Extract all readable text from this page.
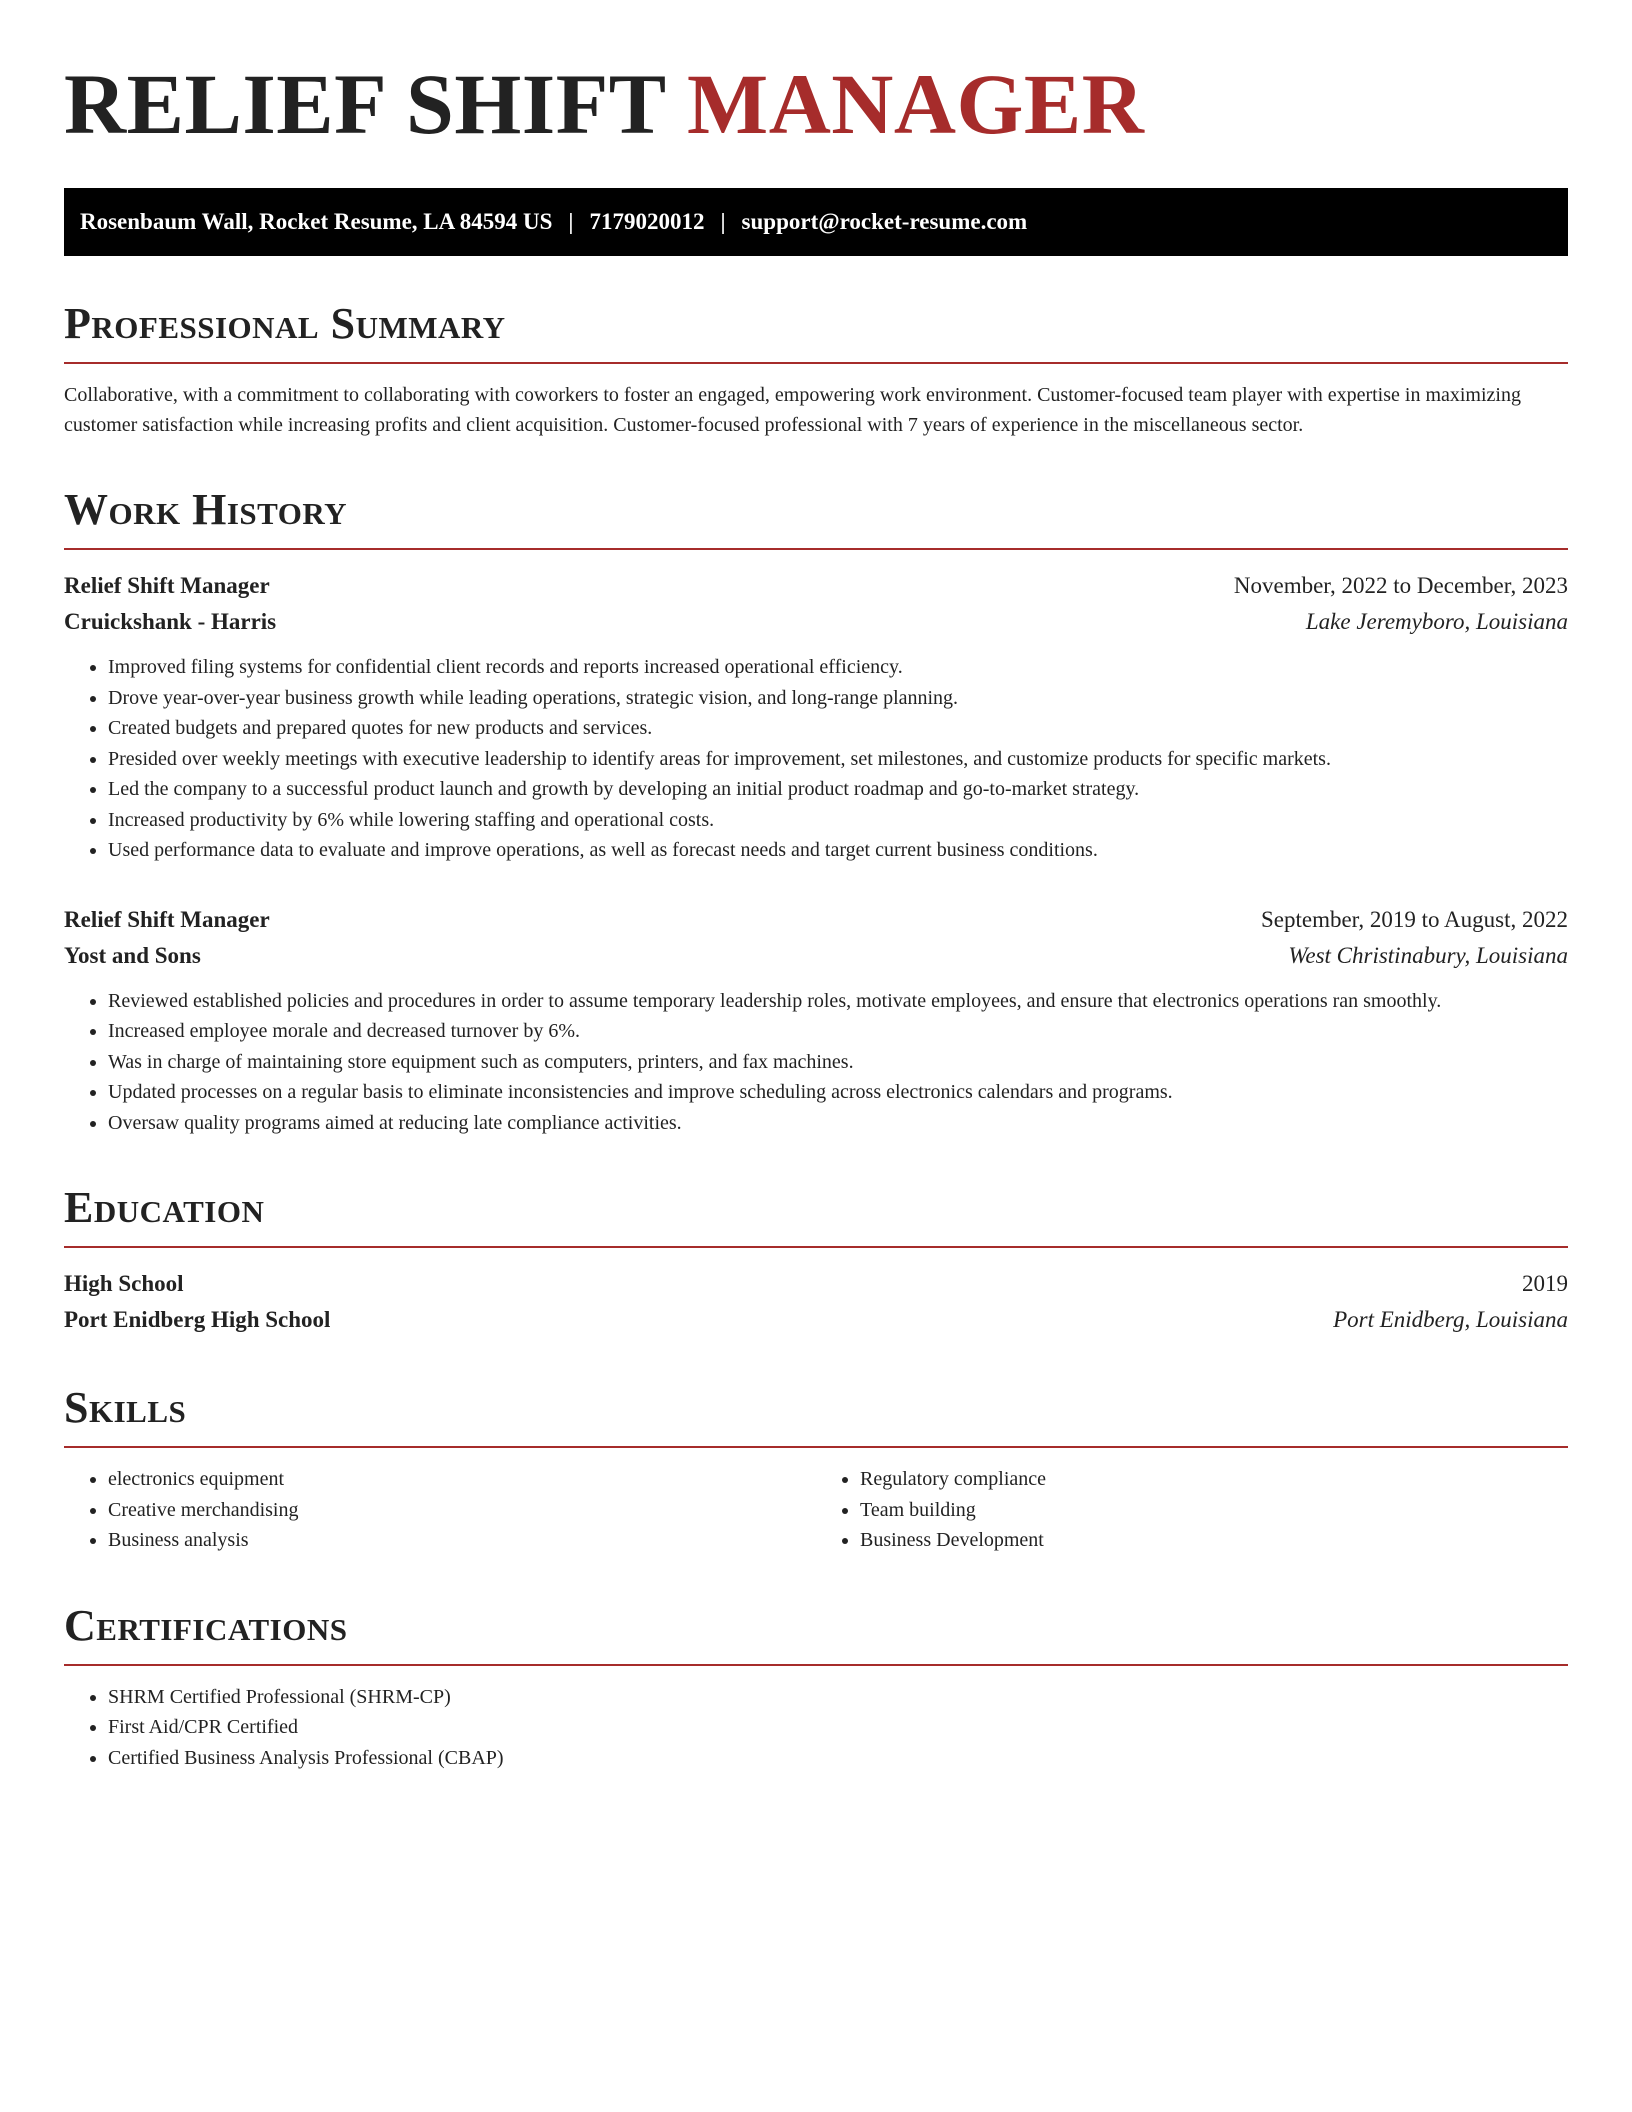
RELIEF SHIFT MANAGER
Rosenbaum Wall, Rocket Resume, LA 84594 US | 7179020012 | support@rocket-resume.com
Professional Summary

Collaborative, with a commitment to collaborating with coworkers to foster an engaged, empowering work environment. Customer-focused team player with expertise in maximizing customer satisfaction while increasing profits and client acquisition. Customer-focused professional with 7 years of experience in the miscellaneous sector.

Work History
Relief Shift Manager	November, 2022 to December, 2023
Cruickshank - Harris	Lake Jeremyboro, Louisiana
• Improved filing systems for confidential client records and reports increased operational efficiency.
• Drove year-over-year business growth while leading operations, strategic vision, and long-range planning.
• Created budgets and prepared quotes for new products and services.
• Presided over weekly meetings with executive leadership to identify areas for improvement, set milestones, and customize products for specific markets.
• Led the company to a successful product launch and growth by developing an initial product roadmap and go-to-market strategy.
• Increased productivity by 6% while lowering staffing and operational costs.
• Used performance data to evaluate and improve operations, as well as forecast needs and target current business conditions.
Relief Shift Manager	September, 2019 to August, 2022
Yost and Sons	West Christinabury, Louisiana
• Reviewed established policies and procedures in order to assume temporary leadership roles, motivate employees, and ensure that electronics operations ran smoothly.
• Increased employee morale and decreased turnover by 6%.
• Was in charge of maintaining store equipment such as computers, printers, and fax machines.
• Updated processes on a regular basis to eliminate inconsistencies and improve scheduling across electronics calendars and programs.
• Oversaw quality programs aimed at reducing late compliance activities.
Education
High School	2019
Port Enidberg High School	Port Enidberg, Louisiana
Skills
• electronics equipment
• Creative merchandising
• Business analysis
• Regulatory compliance
• Team building
• Business Development
Certifications
• SHRM Certified Professional (SHRM-CP)
• First Aid/CPR Certified
• Certified Business Analysis Professional (CBAP)
